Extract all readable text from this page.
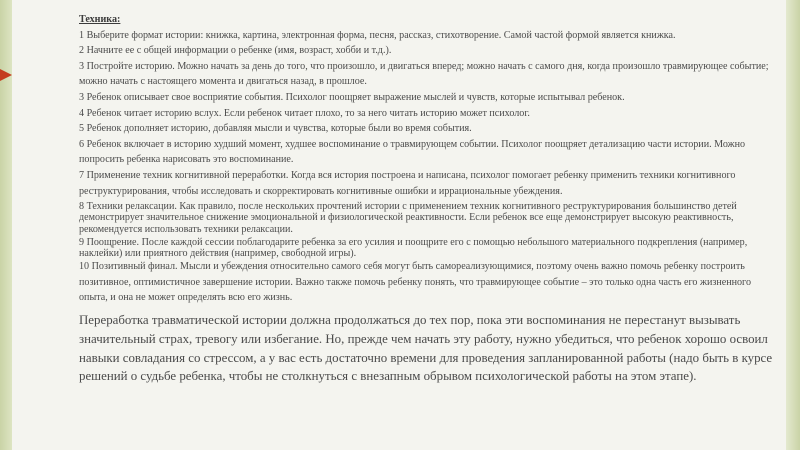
Техника:

1 Выберите формат истории: книжка, картина, электронная форма, песня, рассказ, стихотворение. Самой частой формой является книжка.

2 Начните ее с общей информации о ребенке (имя, возраст, хобби и т.д.).

3 Постройте историю. Можно начать за день до того, что произошло, и двигаться вперед; можно начать с самого дня, когда произошло травмирующее событие; можно начать с настоящего момента и двигаться назад, в прошлое.

3 Ребенок описывает свое восприятие события. Психолог поощряет выражение мыслей и чувств, которые испытывал ребенок.

4 Ребенок читает историю вслух. Если ребенок читает плохо, то за него читать историю может психолог.

5 Ребенок дополняет историю, добавляя мысли и чувства, которые были во время события.

6 Ребенок включает в историю худший момент, худшее воспоминание о травмирующем событии. Психолог поощряет детализацию части истории. Можно попросить ребенка нарисовать это воспоминание.

7 Применение техник когнитивной переработки. Когда вся история построена и написана, психолог помогает ребенку применить техники когнитивного реструктурирования, чтобы исследовать и скорректировать когнитивные ошибки и иррациональные убеждения.

8 Техники релаксации. Как правило, после нескольких прочтений истории с применением техник когнитивного реструктурирования большинство детей демонстрирует значительное снижение эмоциональной и физиологической реактивности. Если ребенок все еще демонстрирует высокую реактивность, рекомендуется использовать техники релаксации.

9 Поощрение. После каждой сессии поблагодарите ребенка за его усилия и поощрите его с помощью небольшого материального подкрепления (например, наклейки) или приятного действия (например, свободной игры).

10 Позитивный финал. Мысли и убеждения относительно самого себя могут быть самореализующимися, поэтому очень важно помочь ребенку построить позитивное, оптимистичное завершение истории. Важно также помочь ребенку понять, что травмирующее событие – это только одна часть его жизненного опыта, и она не может определять всю его жизнь.

Переработка травматической истории должна продолжаться до тех пор, пока эти воспоминания не перестанут вызывать значительный страх, тревогу или избегание. Но, прежде чем начать эту работу, нужно убедиться, что ребенок хорошо освоил навыки совладания со стрессом, а у вас есть достаточно времени для проведения запланированной работы (надо быть в курсе решений о судьбе ребенка, чтобы не столкнуться с внезапным обрывом психологической работы на этом этапе).
